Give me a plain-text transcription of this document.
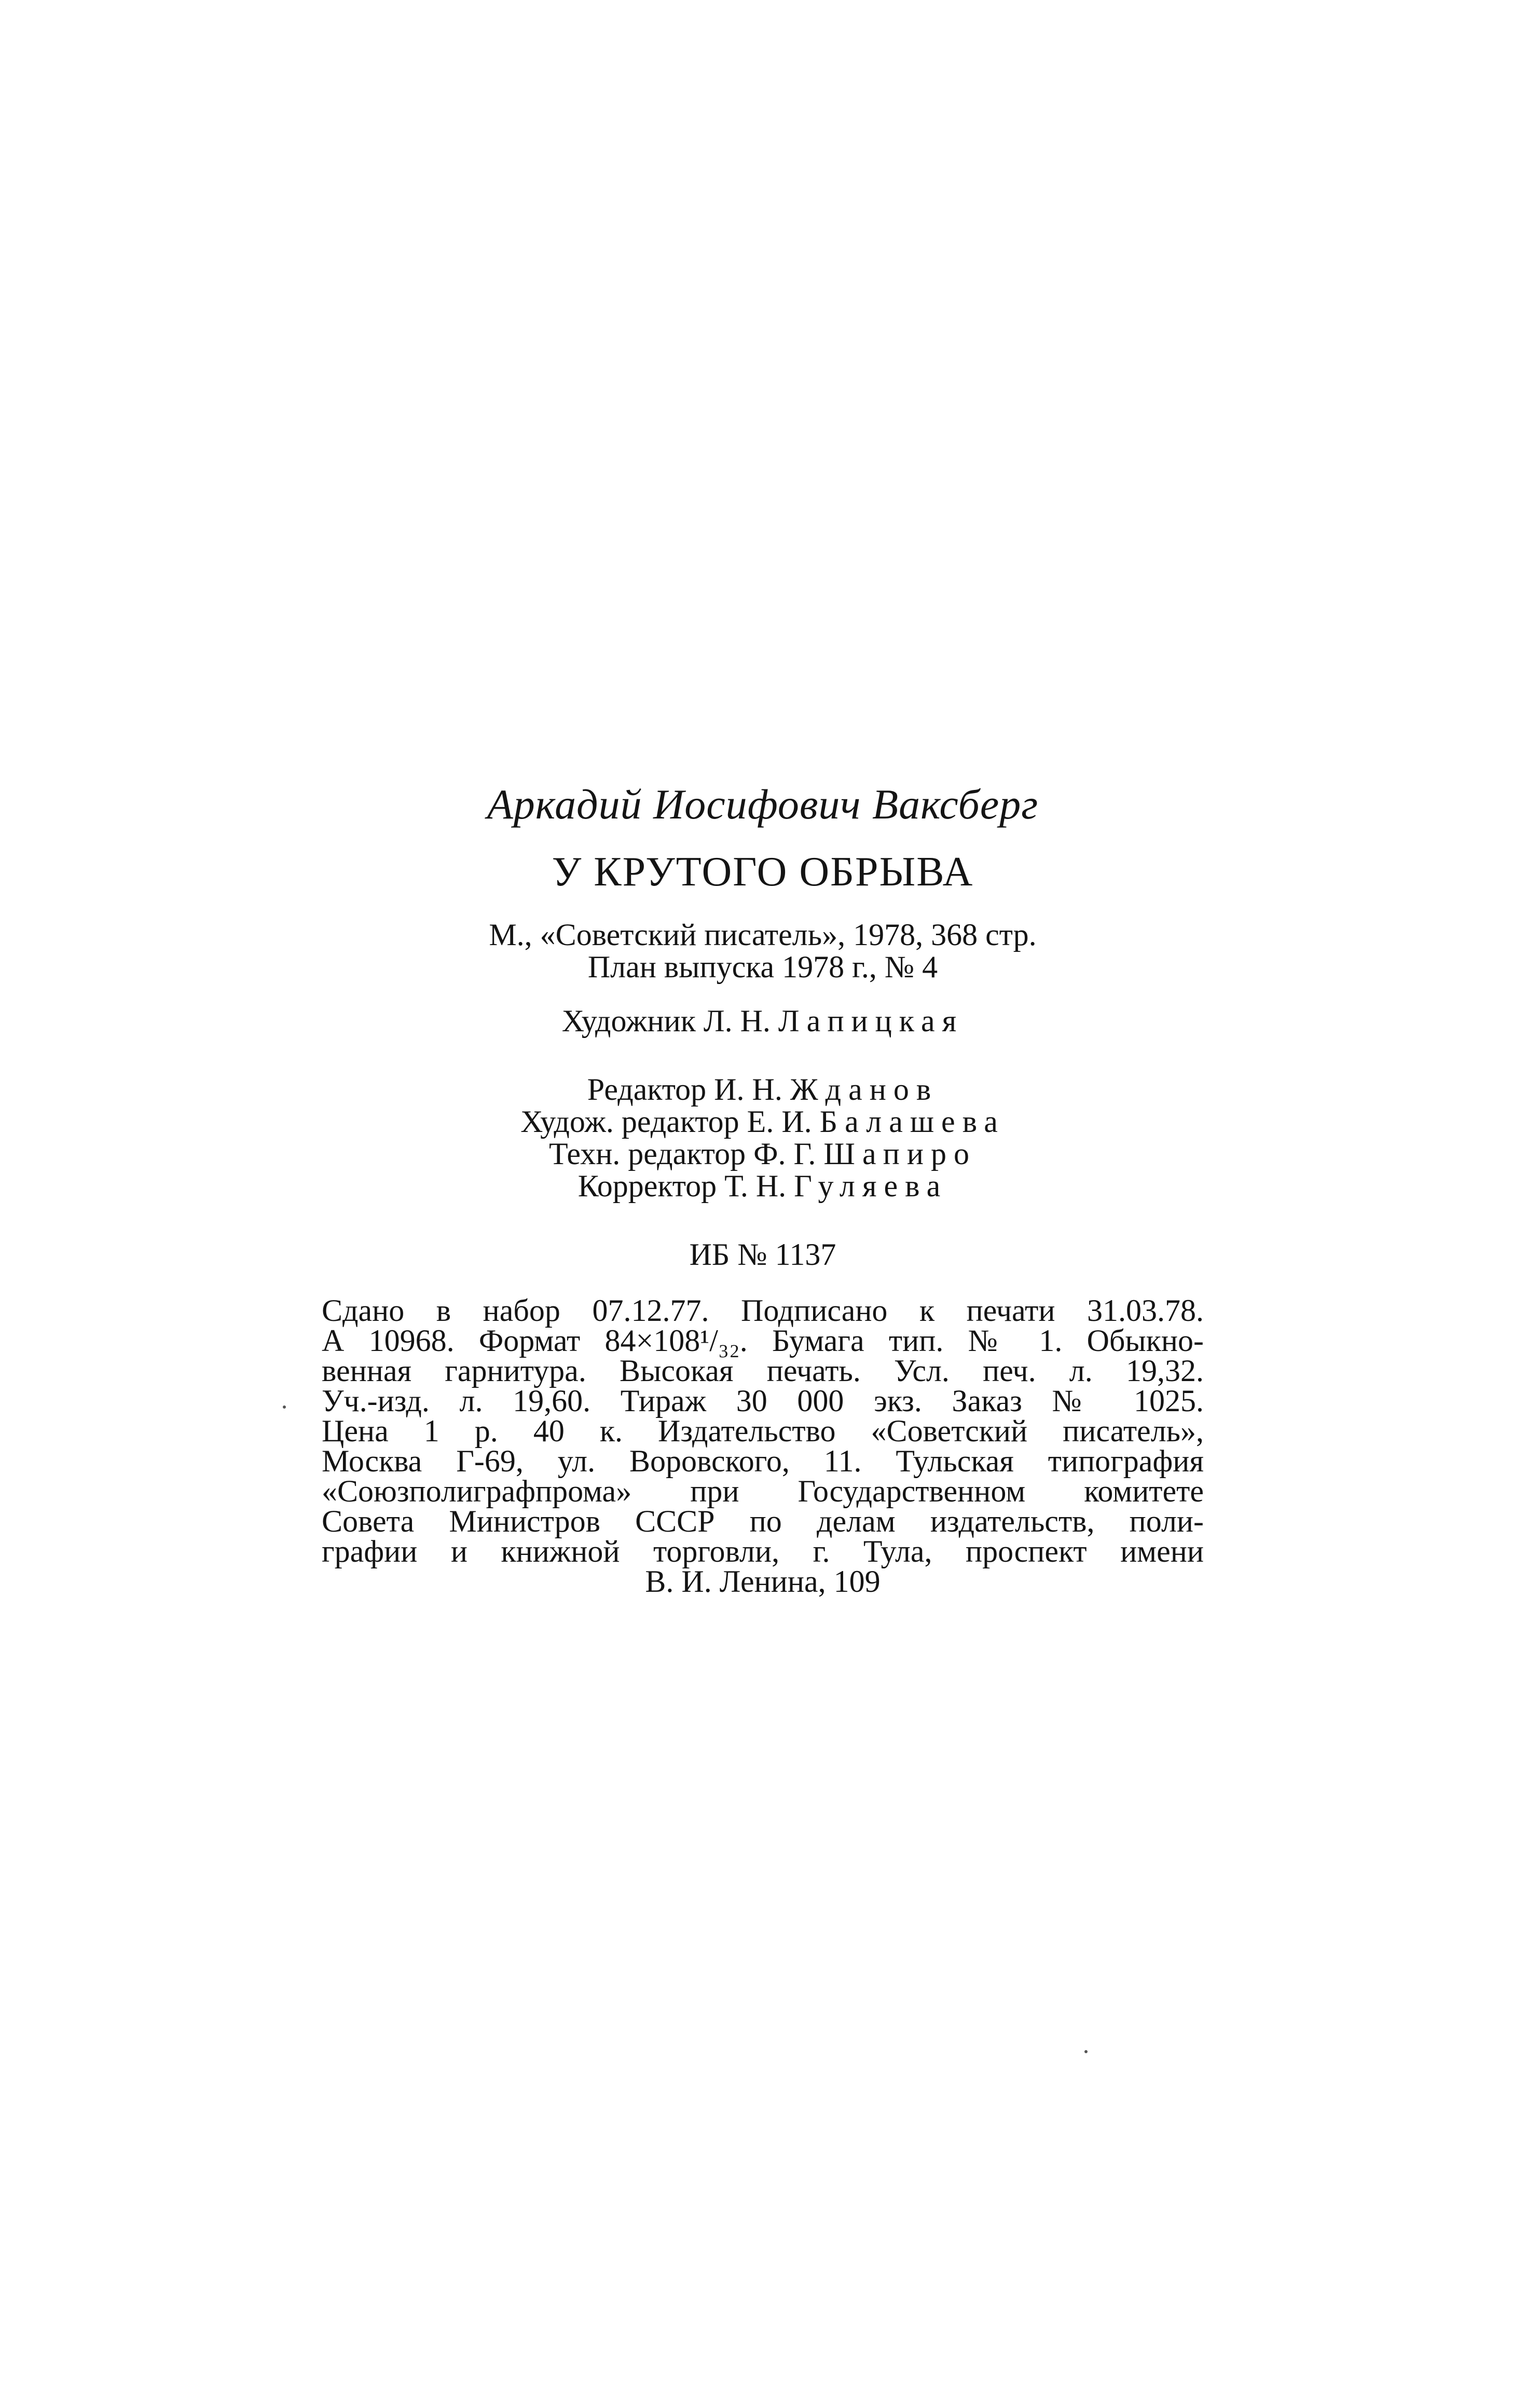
Аркадий Иосифович Ваксберг

У КРУТОГО ОБРЫВА

М., «Советский писатель», 1978, 368 стр.

План выпуска 1978 г., № 4

Художник Л. Н. Лапицкая

Редактор И. Н. Жданов

Худож. редактор Е. И. Балашева

Техн. редактор Ф. Г. Шапиро

Корректор Т. Н. Гуляева

ИБ № 1137

Сдано в набор 07.12.77. Подписано к печати 31.03.78.
А 10968. Формат 84×108¹/₃₂. Бумага тип. № 1. Обыкно-
венная гарнитура. Высокая печать. Усл. печ. л. 19,32.
Уч.-изд. л. 19,60. Тираж 30 000 экз. Заказ № 1025.
Цена 1 р. 40 к. Издательство «Советский писатель»,
Москва Г-69, ул. Воровского, 11. Тульская типография
«Союзполиграфпрома» при Государственном комитете
Совета Министров СССР по делам издательств, поли-
графии и книжной торговли, г. Тула, проспект имени
В. И. Ленина, 109
